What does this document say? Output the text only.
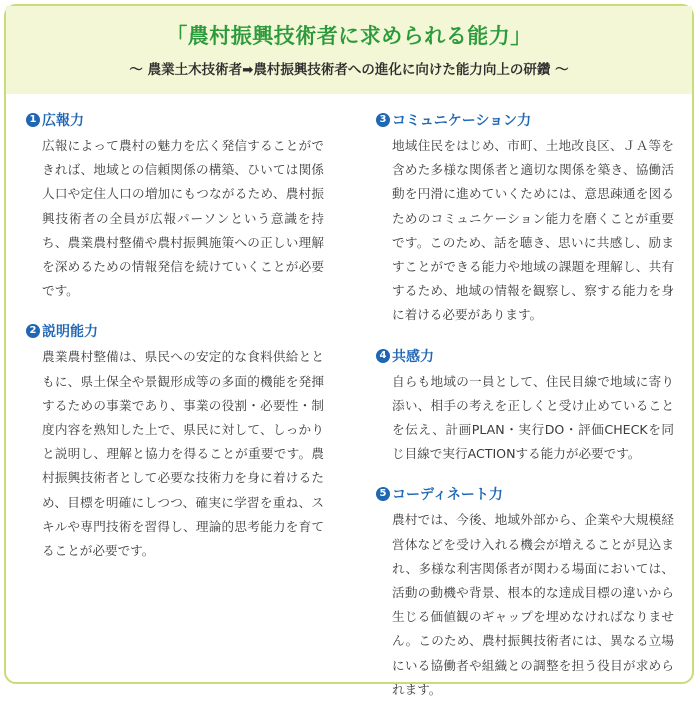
「農村振興技術者に求められる能力」
～ 農業土木技術者➡農村振興技術者への進化に向けた能力向上の研鑽 ～
1 広報力

広報によって農村の魅力を広く発信することができれば、地域との信頼関係の構築、ひいては関係人口や定住人口の増加にもつながるため、農村振興技術者の全員が広報パーソンという意識を持ち、農業農村整備や農村振興施策への正しい理解を深めるための情報発信を続けていくことが必要です。

2 説明能力

農業農村整備は、県民への安定的な食料供給とともに、県土保全や景観形成等の多面的機能を発揮するための事業であり、事業の役割・必要性・制度内容を熟知した上で、県民に対して、しっかりと説明し、理解と協力を得ることが重要です。農村振興技術者として必要な技術力を身に着けるため、目標を明確にしつつ、確実に学習を重ね、スキルや専門技術を習得し、理論的思考能力を育てることが必要です。

3 コミュニケーション力

地域住民をはじめ、市町、土地改良区、ＪＡ等を含めた多様な関係者と適切な関係を築き、協働活動を円滑に進めていくためには、意思疎通を図るためのコミュニケーション能力を磨くことが重要です。このため、話を聴き、思いに共感し、励ますことができる能力や地域の課題を理解し、共有するため、地域の情報を観察し、察する能力を身に着ける必要があります。

4 共感力

自らも地域の一員として、住民目線で地域に寄り添い、相手の考えを正しくと受け止めていることを伝え、計画PLAN・実行DO・評価CHECKを同じ目線で実行ACTIONする能力が必要です。

5 コーディネート力

農村では、今後、地域外部から、企業や大規模経営体などを受け入れる機会が増えることが見込まれ、多様な利害関係者が関わる場面においては、活動の動機や背景、根本的な達成目標の違いから生じる価値観のギャップを埋めなければなりません。このため、農村振興技術者には、異なる立場にいる協働者や組織との調整を担う役目が求められます。
